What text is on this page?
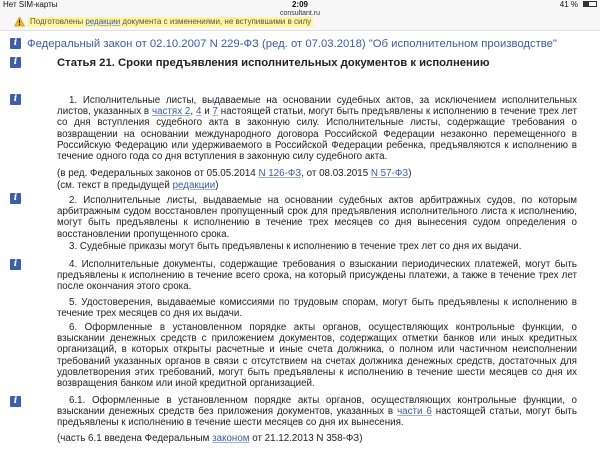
Нет SIM-карты	2:09	41 %
consultant.ru
Подготовлены редакции документа с изменениями, не вступившими в силу
i Федеральный закон от 02.10.2007 N 229-ФЗ (ред. от 07.03.2018) "Об исполнительном производстве"
i	Статья 21. Сроки предъявления исполнительных документов к исполнению
i	1. Исполнительные листы, выдаваемые на основании судебных актов, за исключением исполнительных листов, указанных в частях 2, 4 и 7 настоящей статьи, могут быть предъявлены к исполнению в течение трех лет со дня вступления судебного акта в законную силу. Исполнительные листы, содержащие требования о возвращении на основании международного договора Российской Федерации незаконно перемещенного в Российскую Федерацию или удерживаемого в Российской Федерации ребенка, предъявляются к исполнению в течение одного года со дня вступления в законную силу судебного акта.
(в ред. Федеральных законов от 05.05.2014 N 126-ФЗ, от 08.03.2015 N 57-ФЗ)
(см. текст в предыдущей редакции)
i	2. Исполнительные листы, выдаваемые на основании судебных актов арбитражных судов, по которым арбитражным судом восстановлен пропущенный срок для предъявления исполнительного листа к исполнению, могут быть предъявлены к исполнению в течение трех месяцев со дня вынесения судом определения о восстановлении пропущенного срока.
3. Судебные приказы могут быть предъявлены к исполнению в течение трех лет со дня их выдачи.
i	4. Исполнительные документы, содержащие требования о взыскании периодических платежей, могут быть предъявлены к исполнению в течение всего срока, на который присуждены платежи, а также в течение трех лет после окончания этого срока.
5. Удостоверения, выдаваемые комиссиями по трудовым спорам, могут быть предъявлены к исполнению в течение трех месяцев со дня их выдачи.
6. Оформленные в установленном порядке акты органов, осуществляющих контрольные функции, о взыскании денежных средств с приложением документов, содержащих отметки банков или иных кредитных организаций, в которых открыты расчетные и иные счета должника, о полном или частичном неисполнении требований указанных органов в связи с отсутствием на счетах должника денежных средств, достаточных для удовлетворения этих требований, могут быть предъявлены к исполнению в течение шести месяцев со дня их возвращения банком или иной кредитной организацией.
i	6.1. Оформленные в установленном порядке акты органов, осуществляющих контрольные функции, о взыскании денежных средств без приложения документов, указанных в части 6 настоящей статьи, могут быть предъявлены к исполнению в течение шести месяцев со дня их вынесения.
(часть 6.1 введена Федеральным законом от 21.12.2013 N 358-ФЗ)
